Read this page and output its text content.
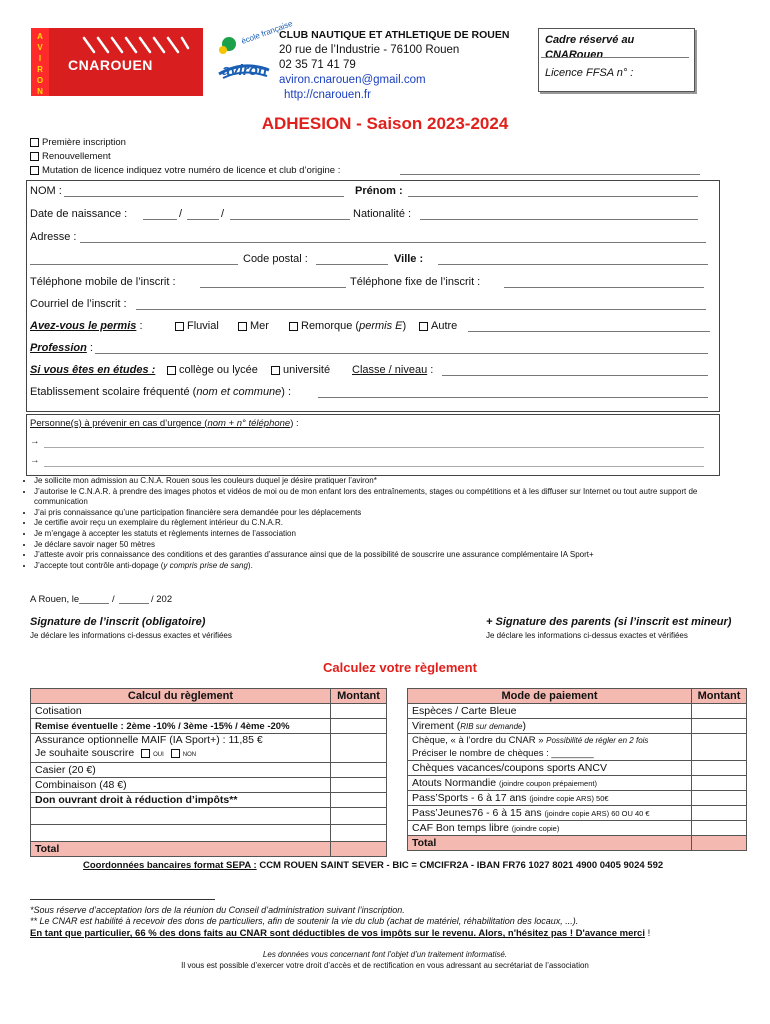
A
V
I
R
O
N
CNAROUEN
école française
aviron
CLUB NAUTIQUE ET ATHLETIQUE DE ROUEN
20 rue de l’Industrie - 76100 Rouen
02 35 71 41 79
aviron.cnarouen@gmail.com
http://cnarouen.fr
Cadre réservé au CNARouen
Licence FFSA n° :
ADHESION - Saison 2023-2024
Première inscription
Renouvellement
Mutation de licence indiquez votre numéro de licence et club d’origine :
NOM :	Prénom :
Date de naissance :	/	/	Nationalité :
Adresse :
Code postal :	Ville :
Téléphone mobile de l’inscrit :	Téléphone fixe de l’inscrit :
Courriel de l’inscrit :
Avez-vous le permis :	Fluvial	Mer	Remorque (permis E)	Autre
Profession :
Si vous êtes en études :	collège ou lycée	université Classe / niveau :
Etablissement scolaire fréquenté (nom et commune) :
Personne(s) à prévenir en cas d’urgence (nom + n° téléphone) :
→
→
• Je sollicite mon admission au C.N.A. Rouen sous les couleurs duquel je désire pratiquer l’aviron*
• J’autorise le C.N.A.R. à prendre des images photos et vidéos de moi ou de mon enfant lors des entraînements, stages ou compétitions et à les diffuser sur Internet ou tout autre support de communication
• J’ai pris connaissance qu’une participation financière sera demandée pour les déplacements
• Je certifie avoir reçu un exemplaire du règlement intérieur du C.N.A.R.
• Je m’engage à accepter les statuts et règlements internes de l’association
• Je déclare savoir nager 50 mètres
• J’atteste avoir pris connaissance des conditions et des garanties d’assurance ainsi que de la possibilité de souscrire une assurance complémentaire IA Sport+
• J’accepte tout contrôle anti-dopage (y compris prise de sang).
A Rouen, le	/	/ 202
Signature de l’inscrit (obligatoire)
Je déclare les informations ci-dessus exactes et vérifiées
+ Signature des parents (si l’inscrit est mineur)
Je déclare les informations ci-dessus exactes et vérifiées
Calculez votre règlement
Calcul du règlement	Montant
Cotisation	
Remise éventuelle : 2ème -10% / 3ème -15% / 4ème -20%	

Assurance optionnelle MAIF (IA Sport+) : 11,85 €
Je souhaite souscrire OUI NON	

Casier (20 €)	
Combinaison (48 €)	
Don ouvrant droit à réduction d’impôts**	

Total	
Mode de paiement	Montant
Espèces / Carte Bleue	
Virement (RIB sur demande)	

Chèque, « à l’ordre du CNAR » Possibilité de régler en 2 fois
Préciser le nombre de chèques : ________	

Chèques vacances/coupons sports ANCV	
Atouts Normandie (joindre coupon prépaiement)	
Pass’Sports - 6 à 17 ans (joindre copie ARS) 50€	
Pass’Jeunes76 - 6 à 15 ans (joindre copie ARS) 60 OU 40 €	
CAF Bon temps libre (joindre copie)	
Total	
Coordonnées bancaires format SEPA : CCM ROUEN SAINT SEVER - BIC = CMCIFR2A - IBAN FR76 1027 8021 4900 0405 9024 592
*Sous réserve d’acceptation lors de la réunion du Conseil d’administration suivant l’inscription.
** Le CNAR est habilité à recevoir des dons de particuliers, afin de soutenir la vie du club (achat de matériel, réhabilitation des locaux, ...).
En tant que particulier, 66 % des dons faits au CNAR sont déductibles de vos impôts sur le revenu. Alors, n'hésitez pas ! D'avance merci !
Les données vous concernant font l’objet d’un traitement informatisé.
Il vous est possible d’exercer votre droit d’accès et de rectification en vous adressant au secrétariat de l’association
